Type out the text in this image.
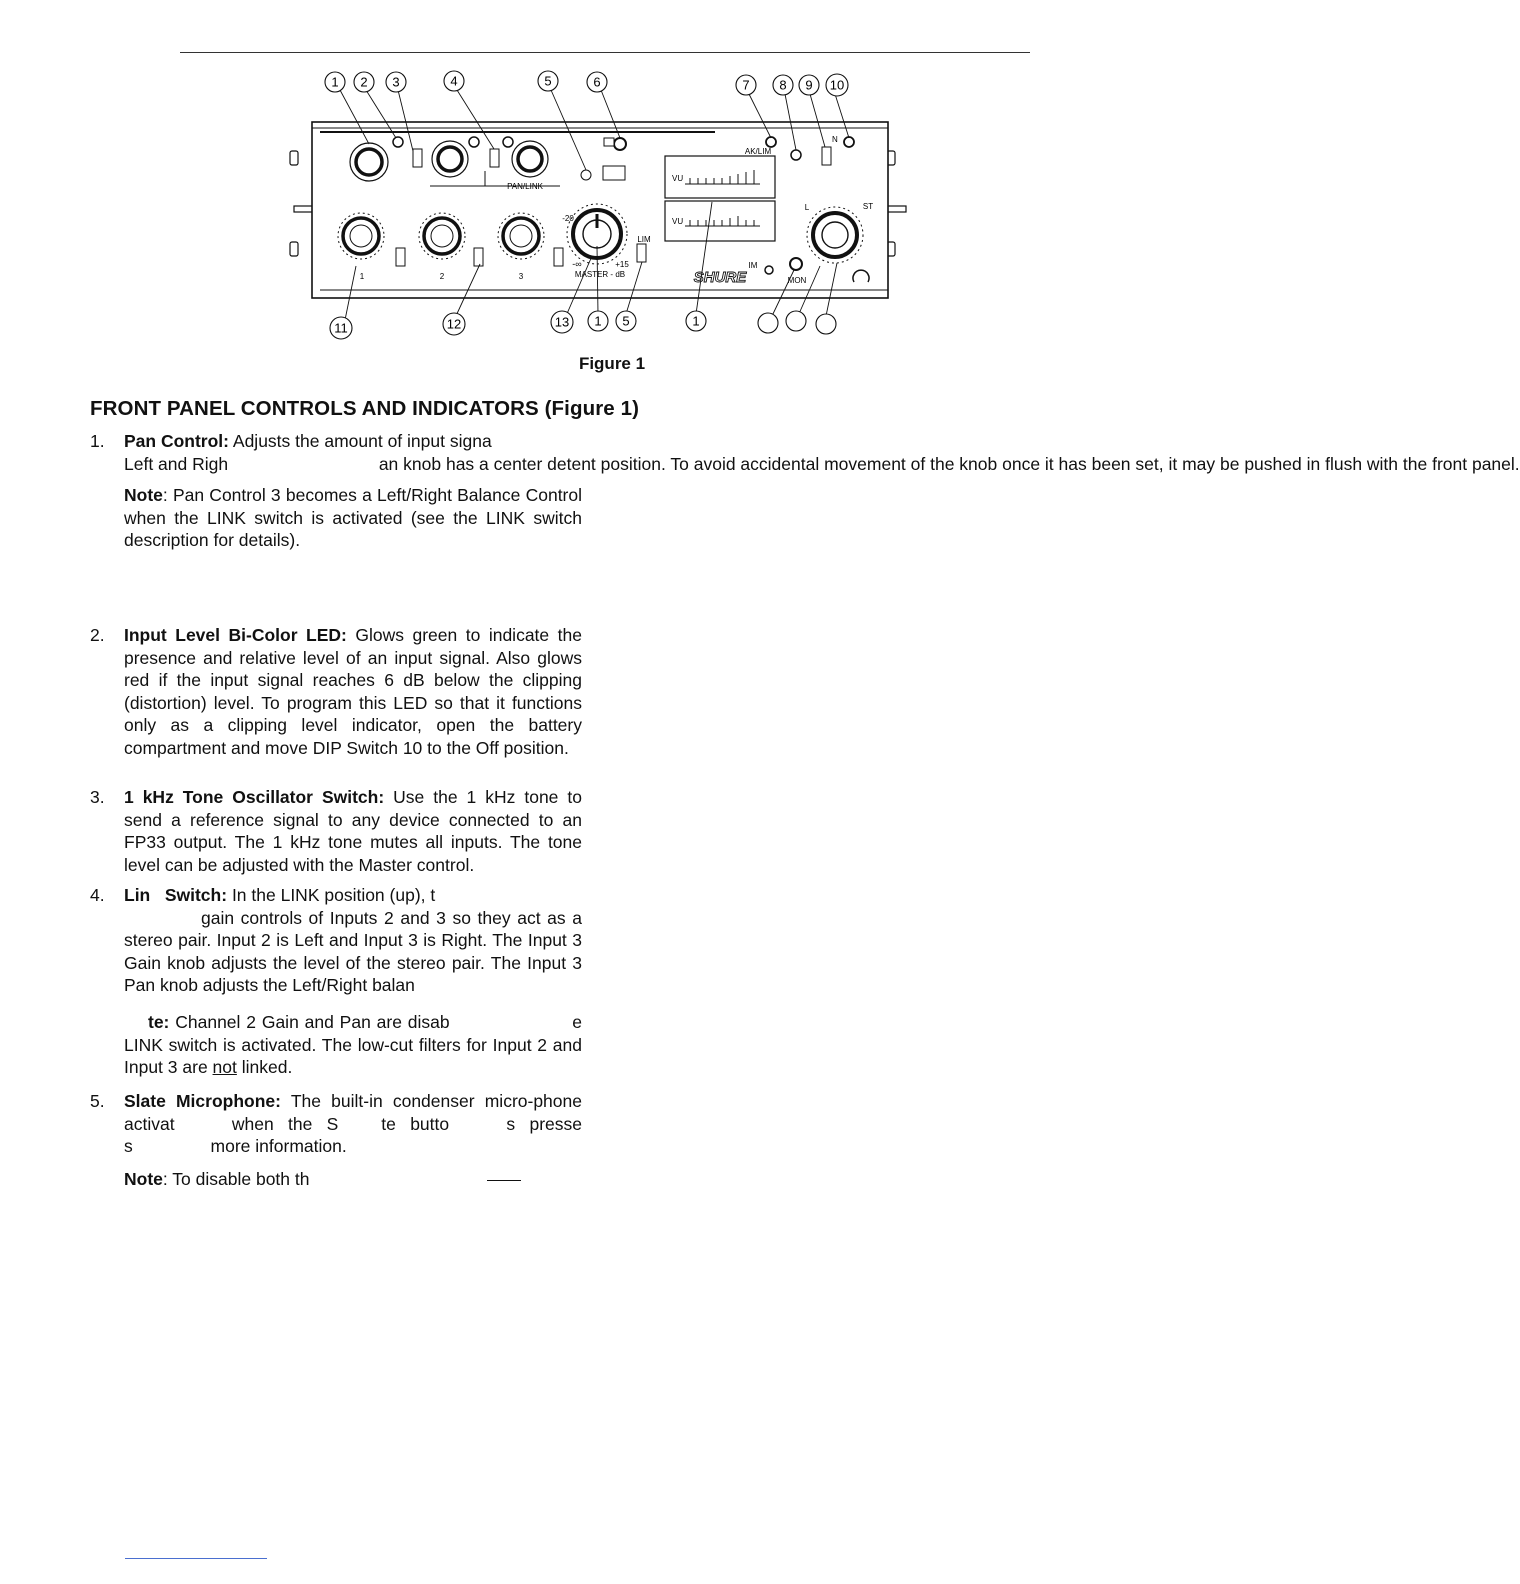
PAN/LINK
VU
VU
AK/LIM
N
1	2	3
-20
-∞	+15
MASTER - dB
LIM
SHURE
IM
MON
L	ST
1 2 3	4	5	6	7 8 9 10
11	12	13 1 5	1
Figure 1
FRONT PANEL CONTROLS AND INDICATORS (Figure 1)
1. Pan Control: Adjusts the amount of input signa
Left and Righ                               an knob has a center detent position. To avoid accidental movement of the knob once it has been set, it may be pushed in flush with the front panel.

Note: Pan Control 3 becomes a Left/Right Balance Control when the LINK switch is activated (see the LINK switch description for details).

2. Input Level Bi-Color LED: Glows green to indicate the presence and relative level of an input signal. Also glows red if the input signal reaches 6 dB below the clipping (distortion) level. To program this LED so that it functions only as a clipping level indicator, open the battery compartment and move DIP Switch 10 to the Off position.

3. 1 kHz Tone Oscillator Switch: Use the 1 kHz tone to send a reference signal to any device connected to an FP33 output. The 1 kHz tone mutes all inputs. The tone level can be adjusted with the Master control.

4. Lin   Switch: In the LINK position (up), t

gain controls of Inputs 2 and 3 so they act as a stereo pair. Input 2 is Left and Input 3 is Right. The Input 3 Gain knob adjusts the level of the stereo pair. The Input 3 Pan knob adjusts the Left/Right balan

te: Channel 2 Gain and Pan are disab                     e LINK switch is activated. The low-cut filters for Input 2 and Input 3 are not linked.

5. Slate Microphone: The built-in condenser micro-phone    activat    when the S   te butto    s presse                               s                more information.

Note: To disable both th
